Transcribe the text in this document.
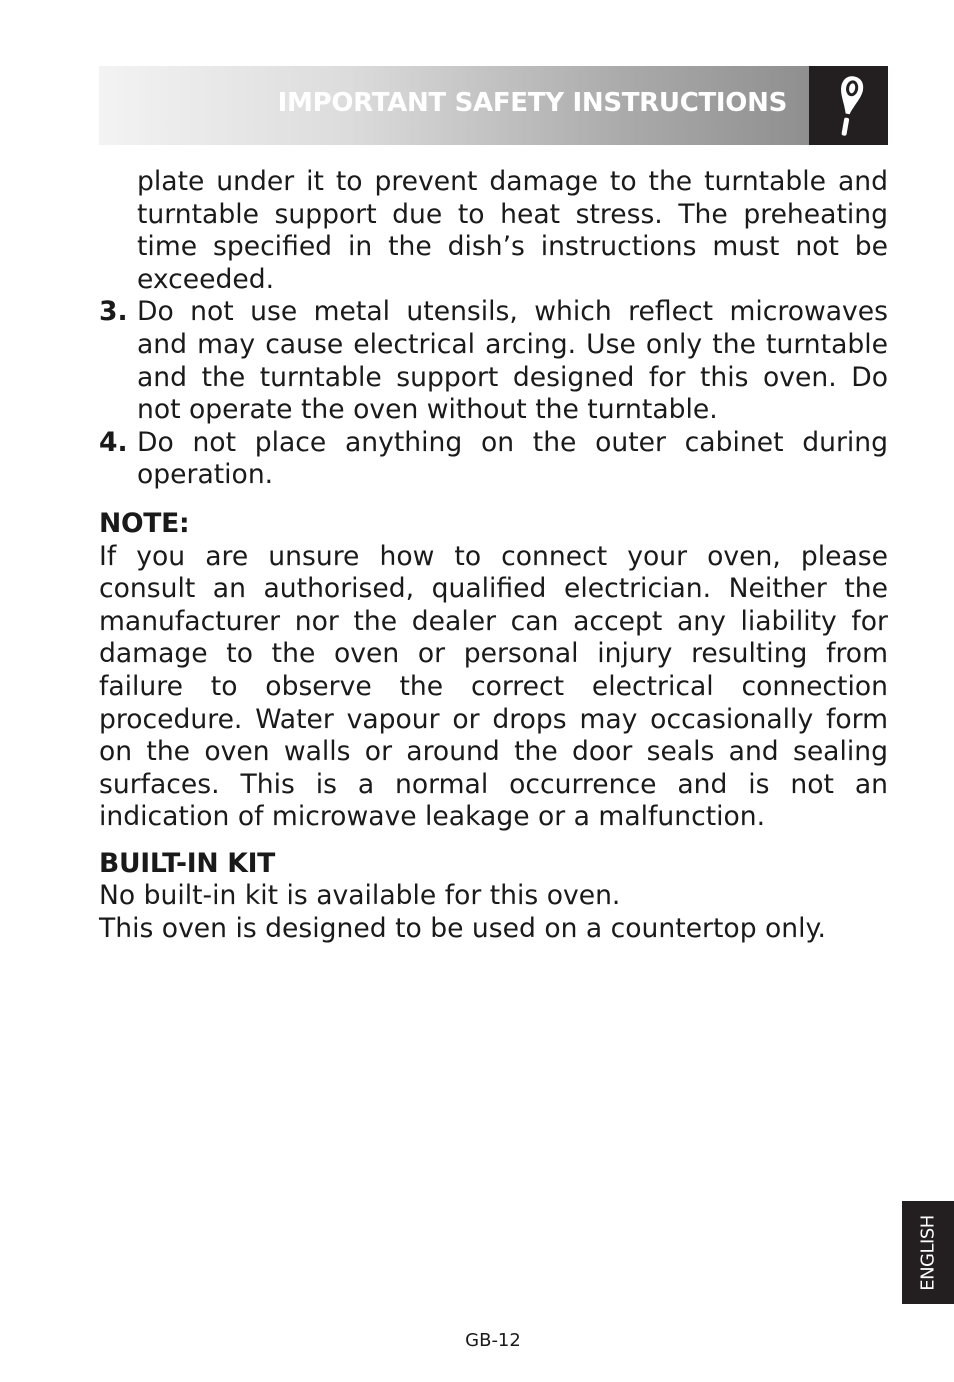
IMPORTANT SAFETY INSTRUCTIONS

plate under it to prevent damage to the turntable and turntable support due to heat stress. The preheating time specified in the dish’s instructions must not be exceeded.

3. Do not use metal utensils, which reflect microwaves and may cause electrical arcing. Use only the turntable and the turntable support designed for this oven. Do not operate the oven without the turntable.
4. Do not place anything on the outer cabinet during operation.

NOTE:

If you are unsure how to connect your oven, please consult an authorised, qualified electrician. Neither the manufacturer nor the dealer can accept any liability for damage to the oven or personal injury resulting from failure to observe the correct electrical connection procedure. Water vapour or drops may occasionally form on the oven walls or around the door seals and sealing surfaces. This is a normal occurrence and is not an indication of microwave leakage or a malfunction.

BUILT-IN KIT

No built-in kit is available for this oven.

This oven is designed to be used on a countertop only.

ENGLISH
GB-12
